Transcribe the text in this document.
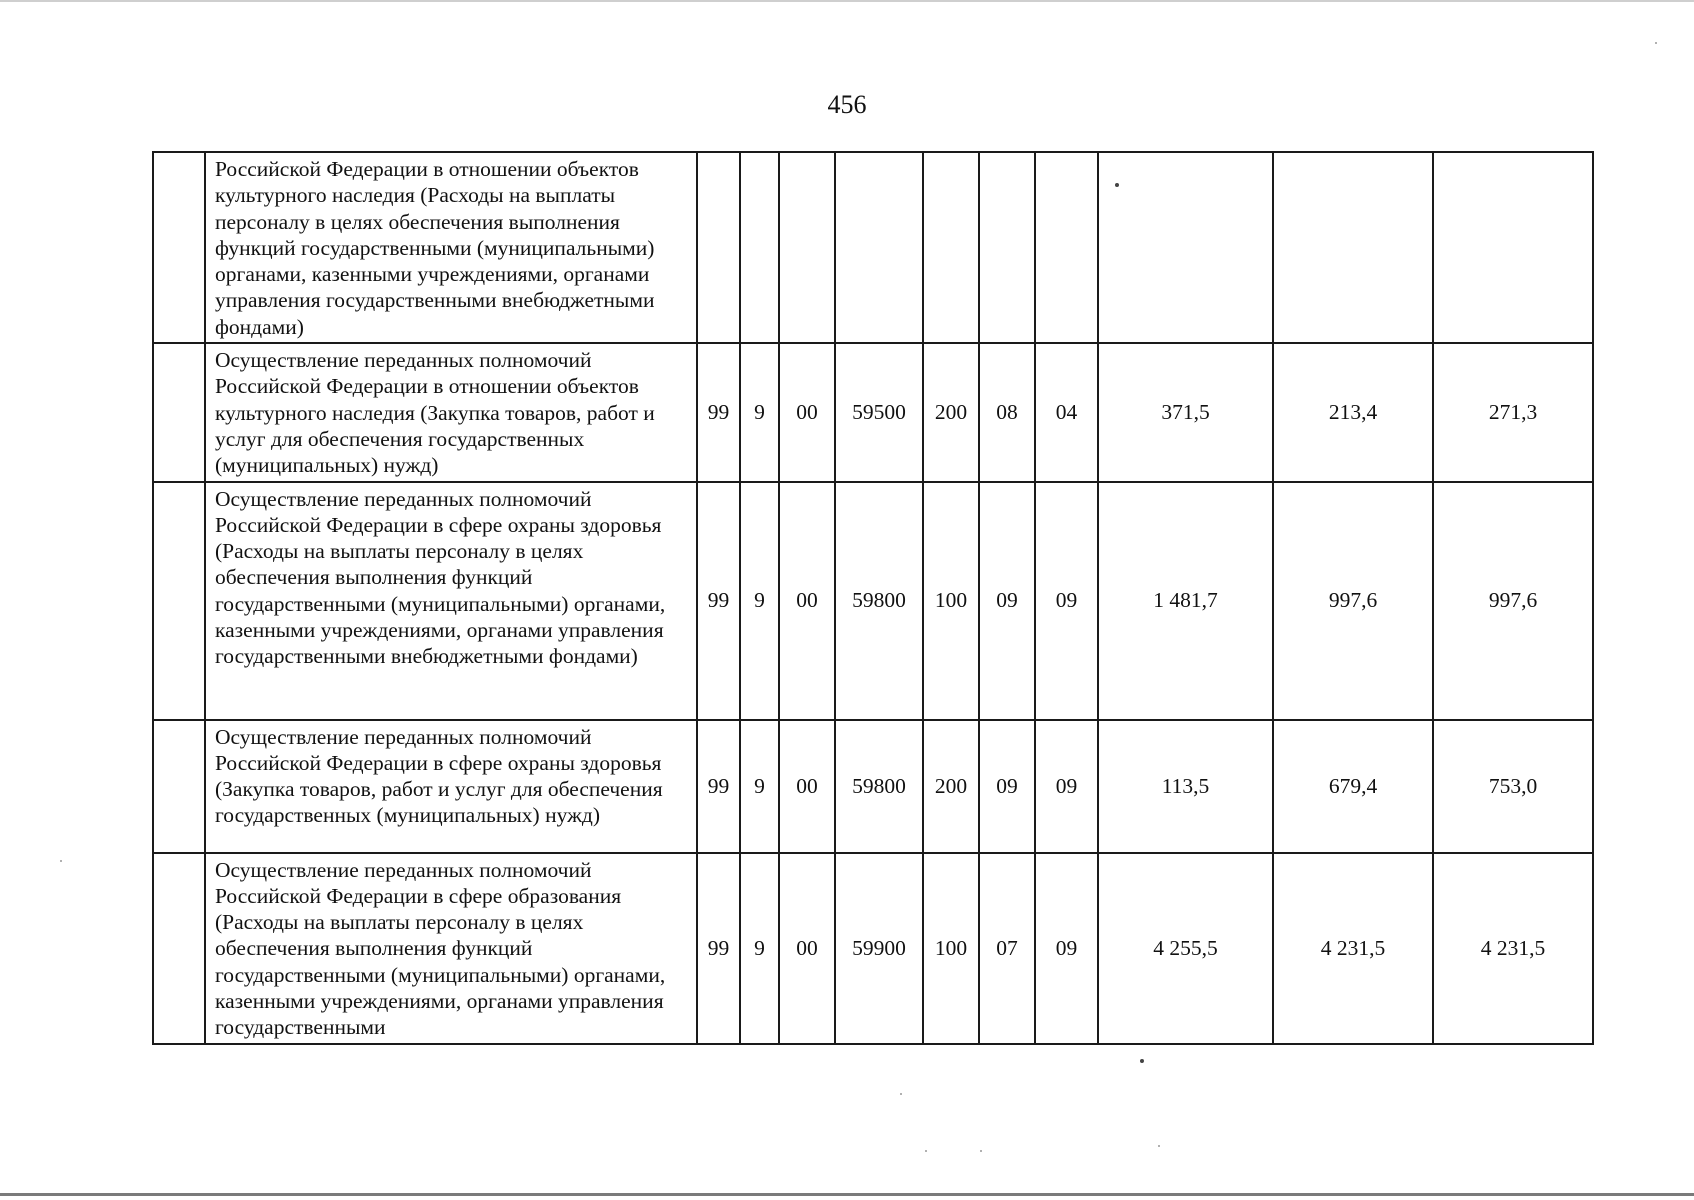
456
	Российской Федерации в отношении объектов культурного наследия (Расходы на выплаты персоналу в целях обеспечения выполнения функций государственными (муниципальными) органами, казенными учреждениями, органами управления государственными внебюджетными фондами)										
	Осуществление переданных полномочий Российской Федерации в отношении объектов культурного наследия (Закупка товаров, работ и услуг для обеспечения государственных (муниципальных) нужд)	99	9	00	59500	200	08	04	371,5	213,4	271,3
	Осуществление переданных полномочий Российской Федерации в сфере охраны здоровья (Расходы на выплаты персоналу в целях обеспечения выполнения функций государственными (муниципальными) органами, казенными учреждениями, органами управления государственными внебюджетными фондами)	99	9	00	59800	100	09	09	1 481,7	997,6	997,6
	Осуществление переданных полномочий Российской Федерации в сфере охраны здоровья (Закупка товаров, работ и услуг для обеспечения государственных (муниципальных) нужд)	99	9	00	59800	200	09	09	113,5	679,4	753,0
	Осуществление переданных полномочий Российской Федерации в сфере образования (Расходы на выплаты персоналу в целях обеспечения выполнения функций государственными (муниципальными) органами, казенными учреждениями, органами управления государственными	99	9	00	59900	100	07	09	4 255,5	4 231,5	4 231,5
